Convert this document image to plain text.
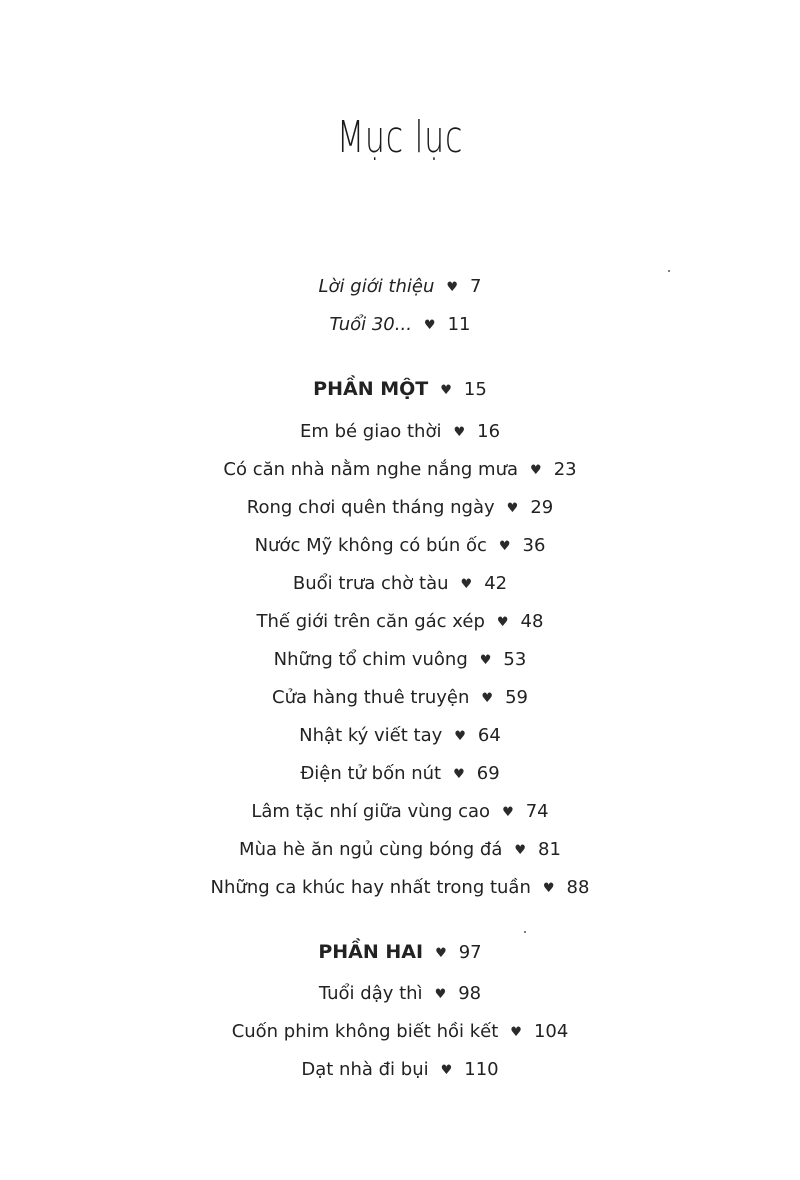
Mục lục
Lời giới thiệu ♥ 7
Tuổi 30... ♥ 11
PHẦN MỘT ♥ 15
Em bé giao thời ♥ 16
Có căn nhà nằm nghe nắng mưa ♥ 23
Rong chơi quên tháng ngày ♥ 29
Nước Mỹ không có bún ốc ♥ 36
Buổi trưa chờ tàu ♥ 42
Thế giới trên căn gác xép ♥ 48
Những tổ chim vuông ♥ 53
Cửa hàng thuê truyện ♥ 59
Nhật ký viết tay ♥ 64
Điện tử bốn nút ♥ 69
Lâm tặc nhí giữa vùng cao ♥ 74
Mùa hè ăn ngủ cùng bóng đá ♥ 81
Những ca khúc hay nhất trong tuần ♥ 88
PHẦN HAI ♥ 97
Tuổi dậy thì ♥ 98
Cuốn phim không biết hồi kết ♥ 104
Dạt nhà đi bụi ♥ 110
